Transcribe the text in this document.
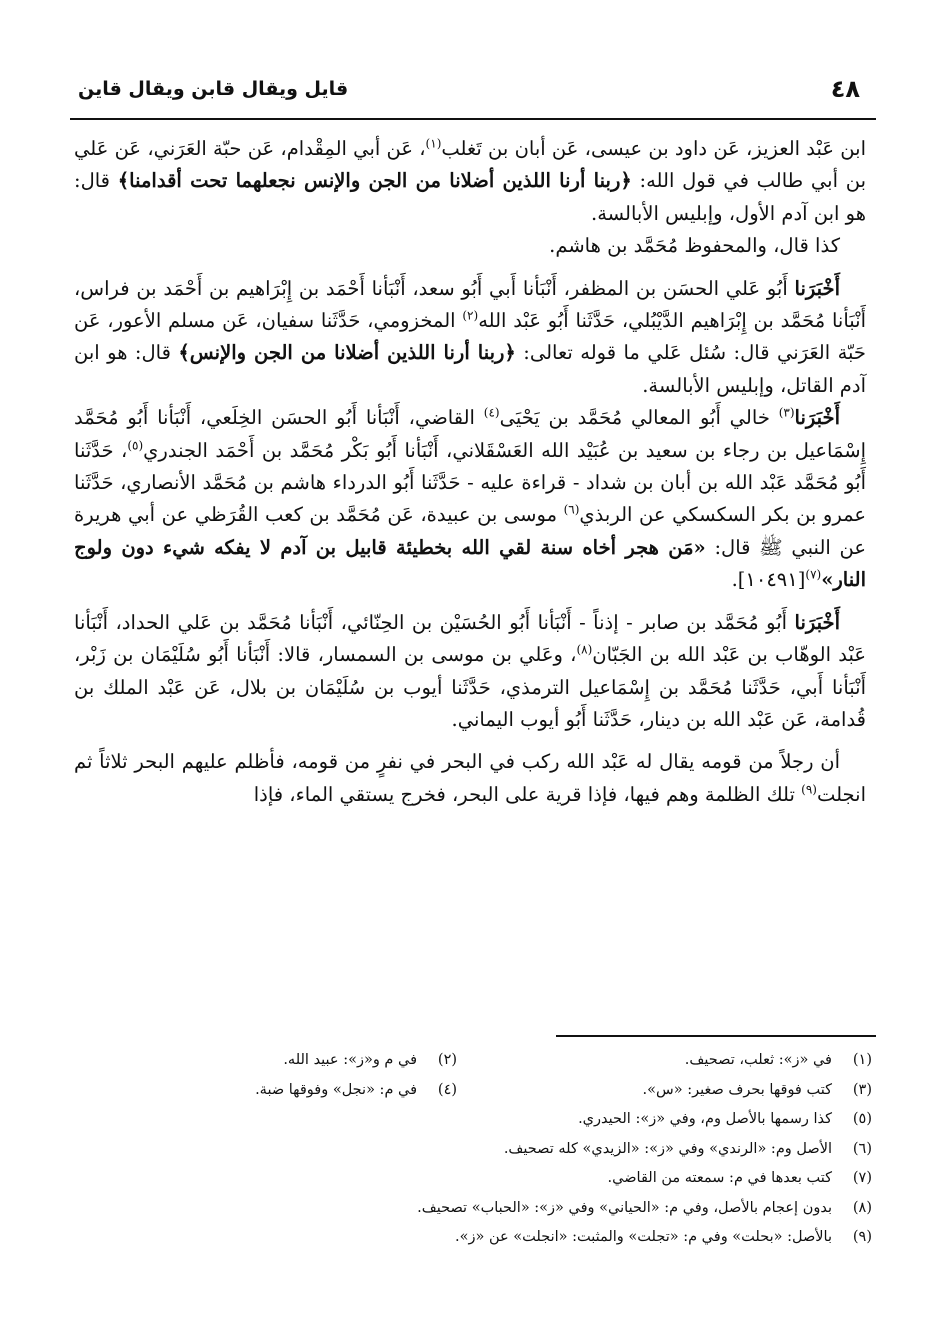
٤٨
قايل ويقال قابن ويقال قاين

ابن عَبْد العزيز، عَن داود بن عيسى، عَن أبان بن تَغلب$^{(١)}$، عَن أبي المِقْدام، عَن حبّة العَرَني، عَن عَلي بن أبي طالب في قول الله: ﴿ربنا أرنا اللذين أضلانا من الجن والإنس نجعلهما تحت أقدامنا﴾ قال: هو ابن آدم الأول، وإبليس الأبالسة.

كذا قال، والمحفوظ مُحَمَّد بن هاشم.

أَخْبَرَنا أَبُو عَلي الحسَن بن المظفر، أَنْبَأنا أَبي أَبُو سعد، أَنْبَأنا أَحْمَد بن إِبْرَاهيم بن أَحْمَد بن فراس، أَنْبَأنا مُحَمَّد بن إِبْرَاهيم الدَّيْبُلي، حَدَّثَنا أَبُو عَبْد الله$^{(٢)}$ المخزومي، حَدَّثَنا سفيان، عَن مسلم الأعور، عَن حَبّة العَرَني قال: سُئل عَلي ما قوله تعالى: ﴿ربنا أرنا اللذين أضلانا من الجن والإنس﴾ قال: هو ابن آدم القاتل، وإبليس الأبالسة.

أَخْبَرَنا$^{(٣)}$ خالي أَبُو المعالي مُحَمَّد بن يَحْيَى$^{(٤)}$ القاضي، أَنْبَأنا أَبُو الحسَن الخِلَعي، أَنْبَأنا أَبُو مُحَمَّد إِسْمَاعيل بن رجاء بن سعيد بن عُبَيْد الله العَسْقَلاني، أَنْبَأنا أَبُو بَكْر مُحَمَّد بن أَحْمَد الجندري$^{(٥)}$، حَدَّثَنا أَبُو مُحَمَّد عَبْد الله بن أبان بن شداد - قراءة عليه - حَدَّثَنا أَبُو الدرداء هاشم بن مُحَمَّد الأنصاري، حَدَّثَنا عمرو بن بكر السكسكي عن الربذي$^{(٦)}$ موسى بن عبيدة، عَن مُحَمَّد بن كعب القُرَظي عن أبي هريرة عن النبي ﷺ قال: «مَن هجر أخاه سنة لقي الله بخطيئة قابيل بن آدم لا يفكه شيء دون ولوج النار»$^{(٧)}$[١٠٤٩١].

أَخْبَرَنا أَبُو مُحَمَّد بن صابر - إذناً - أَنْبَأنا أَبُو الحُسَيْن بن الحِنّائي، أَنْبَأنا مُحَمَّد بن عَلي الحداد، أَنْبَأنا عَبْد الوهّاب بن عَبْد الله بن الجَبّان$^{(٨)}$، وعَلي بن موسى بن السمسار، قالا: أَنْبَأنا أَبُو سُلَيْمَان بن زَبْر، أَنْبَأنا أَبي، حَدَّثَنا مُحَمَّد بن إِسْمَاعيل الترمذي، حَدَّثَنا أيوب بن سُلَيْمَان بن بلال، عَن عَبْد الملك بن قُدامة، عَن عَبْد الله بن دينار، حَدَّثَنا أَبُو أيوب اليماني.

أن رجلاً من قومه يقال له عَبْد الله ركب في البحر في نفرٍ من قومه، فأظلم عليهم البحر ثلاثاً ثم انجلت$^{(٩)}$ تلك الظلمة وهم فيها، فإذا قرية على البحر، فخرج يستقي الماء، فإذا

(١)
في «ز»: ثعلب، تصحيف.
(٢)
في م و«ز»: عبيد الله.
(٣)
كتب فوقها بحرف صغير: «س».
(٤)
في م: «نجل» وفوقها ضبة.
(٥)
كذا رسمها بالأصل وم، وفي «ز»: الحيدري.
(٦)
الأصل وم: «الرندي» وفي «ز»: «الزيدي» كله تصحيف.
(٧)
كتب بعدها في م: سمعته من القاضي.
(٨)
بدون إعجام بالأصل، وفي م: «الحياني» وفي «ز»: «الحباب» تصحيف.
(٩)
بالأصل: «بحلت» وفي م: «تجلت» والمثبت: «انجلت» عن «ز».
